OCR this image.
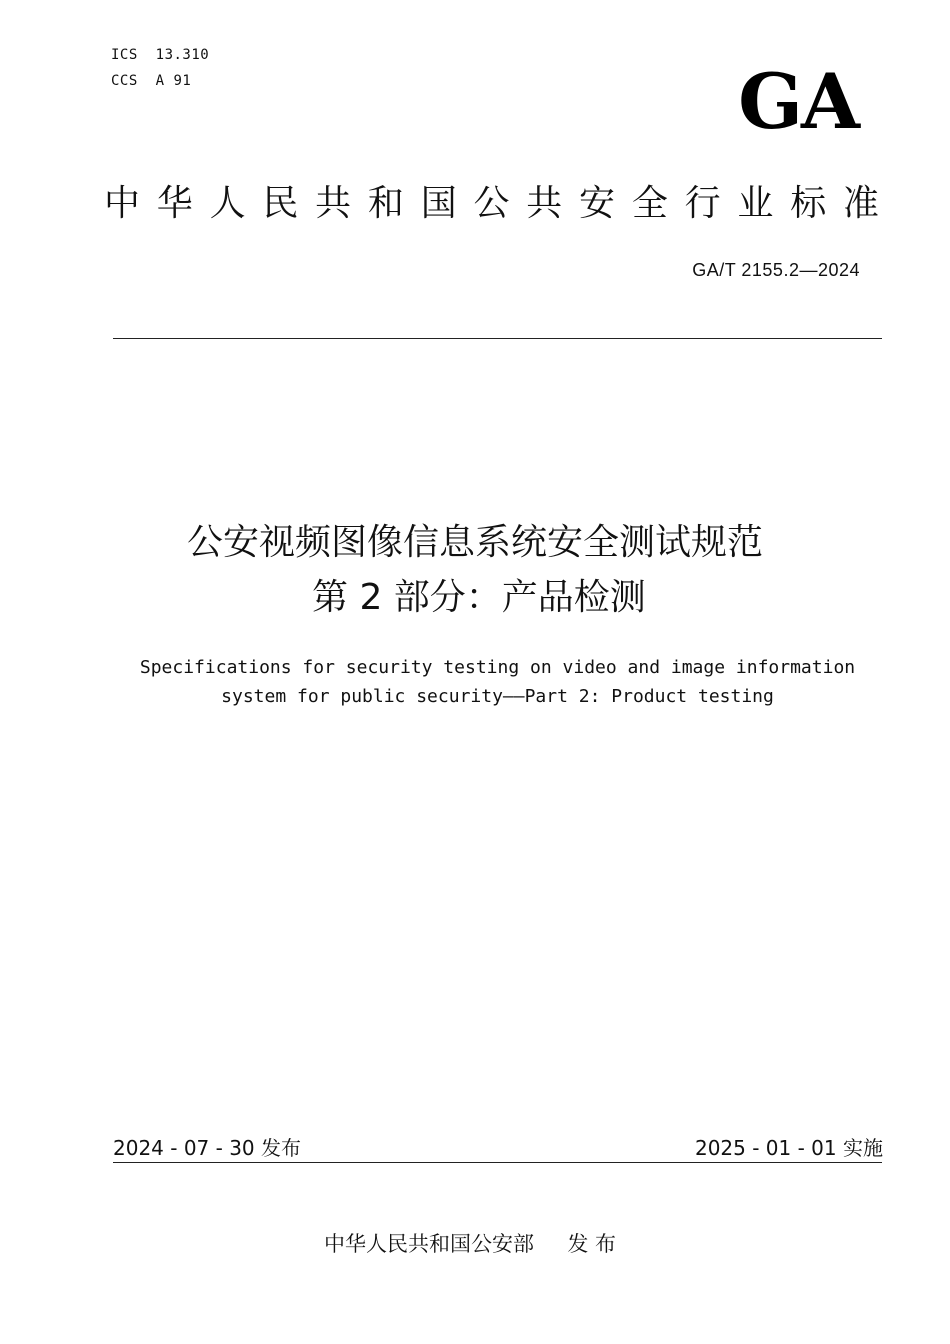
ICS  13.310
CCS  A 91	GA
中华人民共和国公共安全行业标准
GA/T 2155.2—2024
公安视频图像信息系统安全测试规范
第 2 部分：产品检测
Specifications for security testing on video and image information
system for public security——Part 2: Product testing
2024 - 07 - 30 发布	2025 - 01 - 01 实施
中华人民共和国公安部     发 布
